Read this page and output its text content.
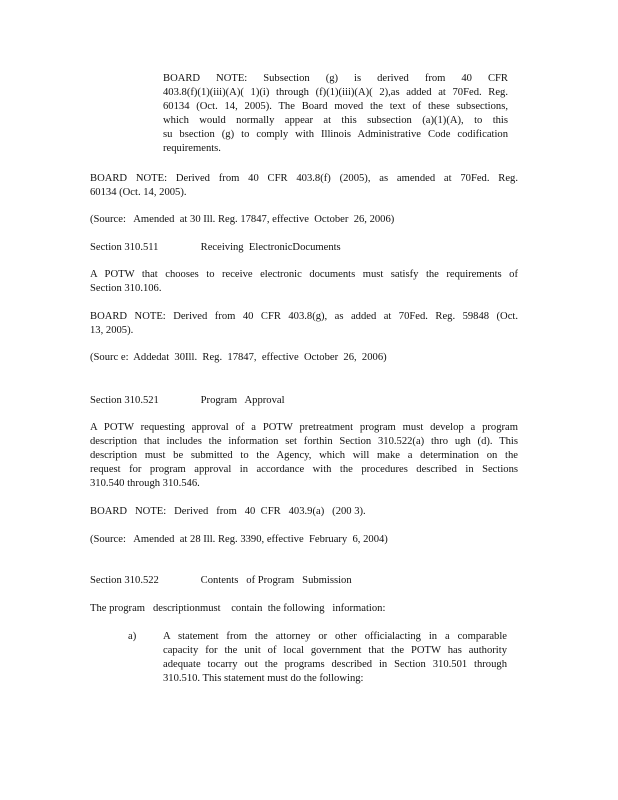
BOARD NOTE: Subsection (g) is derived from 40 CFR
403.8(f)(1)(iii)(A)( 1)(i) through (f)(1)(iii)(A)( 2),as added at 70Fed. Reg.
60134 (Oct. 14, 2005). The Board moved the text of these subsections,
which would normally appear at this subsection (a)(1)(A), to this
su bsection (g) to comply with Illinois Administrative Code codification
requirements.
BOARD NOTE: Derived from 40 CFR 403.8(f) (2005), as amended at 70Fed. Reg.
60134 (Oct. 14, 2005).
(Source:   Amended  at 30 Ill. Reg. 17847, effective  October  26, 2006)
Section 310.511	Receiving  ElectronicDocuments
A POTW that chooses to receive electronic documents must satisfy the requirements of
Section 310.106.
BOARD NOTE: Derived from 40 CFR 403.8(g), as added at 70Fed. Reg. 59848 (Oct.
13, 2005).
(Sourc e:  Addedat  30Ill.  Reg.  17847,  effective  October  26,  2006)
Section 310.521	Program   Approval
A POTW requesting approval of a POTW pretreatment program must develop a program
description that includes the information set forthin Section 310.522(a) thro ugh (d). This
description must be submitted to the Agency, which will make a determination on the
request for program approval in accordance with the procedures described in Sections
310.540 through 310.546.
BOARD   NOTE:   Derived   from   40  CFR   403.9(a)   (200 3).
(Source:   Amended  at 28 Ill. Reg. 3390, effective  February  6, 2004)
Section 310.522	Contents   of Program   Submission
The program   descriptionmust    contain  the following   information:
a)	A statement from the attorney or other officialacting in a comparable
capacity for the unit of local government that the POTW has authority
adequate tocarry out the programs described in Section 310.501 through
310.510. This statement must do the following:
